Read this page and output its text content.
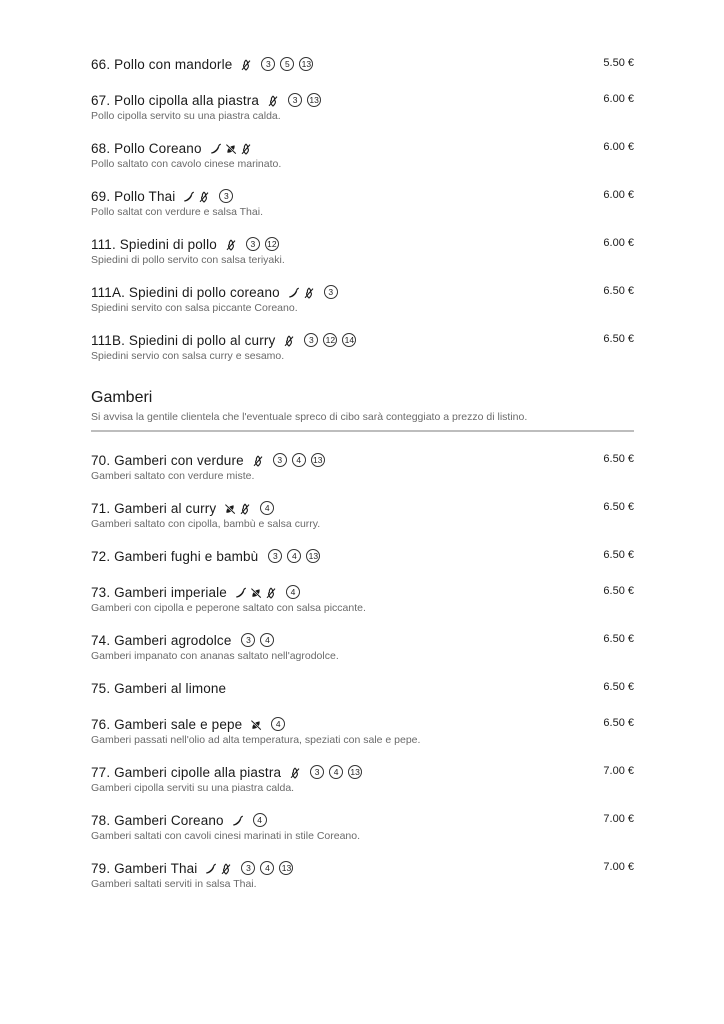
66. Pollo con mandorle	3	5	13	5.50 €
67. Pollo cipolla alla piastra	3	13	6.00 €
Pollo cipolla servito su una piastra calda.
68. Pollo Coreano	6.00 €
Pollo saltato con cavolo cinese marinato.
69. Pollo Thai	3	6.00 €
Pollo saltat con verdure e salsa Thai.
111. Spiedini di pollo	3	12	6.00 €
Spiedini di pollo servito con salsa teriyaki.
111A. Spiedini di pollo coreano	3	6.50 €
Spiedini servito con salsa piccante Coreano.
111B. Spiedini di pollo al curry	3	12 14	6.50 €
Spiedini servio con salsa curry e sesamo.
Gamberi
Si avvisa la gentile clientela che l'eventuale spreco di cibo sarà conteggiato a prezzo di listino.
70. Gamberi con verdure	3	4	13	6.50 €
Gamberi saltato con verdure miste.
71. Gamberi al curry	4	6.50 €
Gamberi saltato con cipolla, bambù e salsa curry.
72. Gamberi fughi e bambù	3	4	13	6.50 €
73. Gamberi imperiale	4	6.50 €
Gamberi con cipolla e peperone saltato con salsa piccante.
74. Gamberi agrodolce	3	4	6.50 €
Gamberi impanato con ananas saltato nell'agrodolce.
75. Gamberi al limone	6.50 €
76. Gamberi sale e pepe	4	6.50 €
Gamberi passati nell'olio ad alta temperatura, speziati con sale e pepe.
77. Gamberi cipolle alla piastra	3	4	13	7.00 €
Gamberi cipolla serviti su una piastra calda.
78. Gamberi Coreano	4	7.00 €
Gamberi saltati con cavoli cinesi marinati in stile Coreano.
79. Gamberi Thai	3	4	13	7.00 €
Gamberi saltati serviti in salsa Thai.
